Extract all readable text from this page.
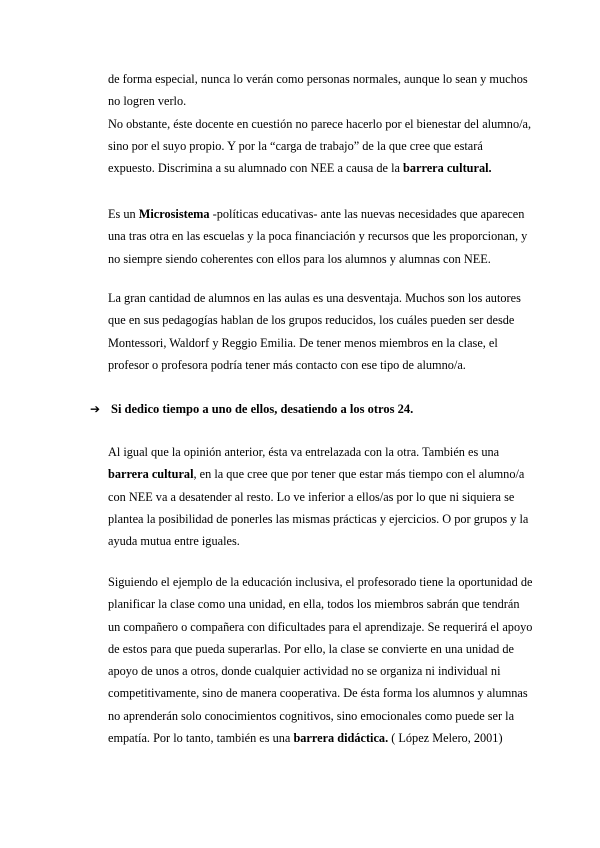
de forma especial, nunca lo verán como personas normales, aunque lo sean y muchos
no logren verlo.
No obstante, éste docente en cuestión no parece hacerlo por el bienestar del alumno/a,
sino por el suyo propio. Y por la “carga de trabajo” de la que cree que estará
expuesto. Discrimina a su alumnado con NEE a causa de la barrera cultural.
Es un Microsistema -políticas educativas- ante las nuevas necesidades que aparecen
una tras otra en las escuelas y la poca financiación y recursos que les proporcionan, y
no siempre siendo coherentes con ellos para los alumnos y alumnas con NEE.
La gran cantidad de alumnos en las aulas es una desventaja. Muchos son los autores
que en sus pedagogías hablan de los grupos reducidos, los cuáles pueden ser desde
Montessori, Waldorf y Reggio Emilia. De tener menos miembros en la clase, el
profesor o profesora podría tener más contacto con ese tipo de alumno/a.
➔ Si dedico tiempo a uno de ellos, desatiendo a los otros 24.
Al igual que la opinión anterior, ésta va entrelazada con la otra. También es una
barrera cultural, en la que cree que por tener que estar más tiempo con el alumno/a
con NEE va a desatender al resto. Lo ve inferior a ellos/as por lo que ni siquiera se
plantea la posibilidad de ponerles las mismas prácticas y ejercicios. O por grupos y la
ayuda mutua entre iguales.
Siguiendo el ejemplo de la educación inclusiva, el profesorado tiene la oportunidad de
planificar la clase como una unidad, en ella, todos los miembros sabrán que tendrán
un compañero o compañera con dificultades para el aprendizaje. Se requerirá el apoyo
de estos para que pueda superarlas. Por ello, la clase se convierte en una unidad de
apoyo de unos a otros, donde cualquier actividad no se organiza ni individual ni
competitivamente, sino de manera cooperativa. De ésta forma los alumnos y alumnas
no aprenderán solo conocimientos cognitivos, sino emocionales como puede ser la
empatía. Por lo tanto, también es una barrera didáctica. ( López Melero, 2001)
